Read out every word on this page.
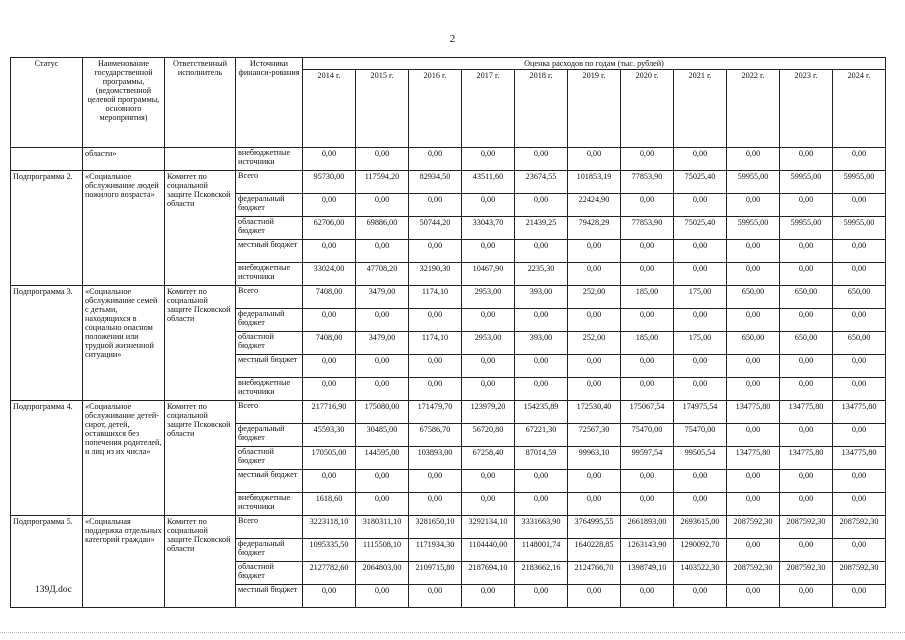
2
Статус	Наименование государственной программы, (ведомственной целевой программы, основного мероприятия)	Ответственный исполнитель	Источники финанси-рования	Оценка расходов по годам (тыс. рублей)										
				2014 г.	2015 г.	2016 г.	2017 г.	2018 г.	2019 г.	2020 г.	2021 г.	2022 г.	2023 г.	2024 г.
	области»		внебюджетные источники	0,00	0,00	0,00	0,00	0,00	0,00	0,00	0,00	0,00	0,00	0,00
Подпрограмма 2.	«Социальное обслуживание людей пожилого возраста»	Комитет по социальной защите Псковской области	Всего	95730,00	117594,20	82934,50	43511,60	23674,55	101853,19	77853,90	75025,40	59955,00	59955,00	59955,00
			федеральный бюджет	0,00	0,00	0,00	0,00	0,00	22424,90	0,00	0,00	0,00	0,00	0,00
			областной бюджет	62706,00	69886,00	50744,20	33043,70	21439,25	79428,29	77853,90	75025,40	59955,00	59955,00	59955,00
			местный бюджет	0,00	0,00	0,00	0,00	0,00	0,00	0,00	0,00	0,00	0,00	0,00
			внебюджетные источники	33024,00	47708,20	32190,30	10467,90	2235,30	0,00	0,00	0,00	0,00	0,00	0,00
Подпрограмма 3.	«Социальное обслуживание семей с детьми, находящихся в социально опасном положении или трудной жизненной ситуации»	Комитет по социальной защите Псковской области	Всего	7408,00	3479,00	1174,10	2953,00	393,00	252,00	185,00	175,00	650,00	650,00	650,00
			федеральный бюджет	0,00	0,00	0,00	0,00	0,00	0,00	0,00	0,00	0,00	0,00	0,00
			областной бюджет	7408,00	3479,00	1174,10	2953,00	393,00	252,00	185,00	175,00	650,00	650,00	650,00
			местный бюджет	0,00	0,00	0,00	0,00	0,00	0,00	0,00	0,00	0,00	0,00	0,00
			внебюджетные источники	0,00	0,00	0,00	0,00	0,00	0,00	0,00	0,00	0,00	0,00	0,00
Подпрограмма 4.	«Социальное обслуживание детей-сирот, детей, оставшихся без попечения родителей, и лиц из их числа»	Комитет по социальной защите Псковской области	Всего	217716,90	175080,00	171479,70	123979,20	154235,89	172530,40	175067,54	174975,54	134775,80	134775,80	134775,80
			федеральный бюджет	45593,30	30485,00	67586,70	56720,80	67221,30	72567,30	75470,00	75470,00	0,00	0,00	0,00
			областной бюджет	170505,00	144595,00	103893,00	67258,40	87014,59	99963,10	99597,54	99505,54	134775,80	134775,80	134775,80
			местный бюджет	0,00	0,00	0,00	0,00	0,00	0,00	0,00	0,00	0,00	0,00	0,00
			внебюджетные источники	1618,60	0,00	0,00	0,00	0,00	0,00	0,00	0,00	0,00	0,00	0,00
Подпрограмма 5.	«Социальная поддержка отдельных категорий граждан»	Комитет по социальной защите Псковской области	Всего	3223118,10	3180311,10	3281650,10	3292134,10	3331663,90	3764995,55	2661893,00	2693615,00	2087592,30	2087592,30	2087592,30
			федеральный бюджет	1095335,50	1115508,10	1171934,30	1104440,00	1148001,74	1640228,85	1263143,90	1290092,70	0,00	0,00	0,00
			областной бюджет	2127782,60	2064803,00	2109715,80	2187694,10	2183662,16	2124766,70	1398749,10	1403522,30	2087592,30	2087592,30	2087592,30
			местный бюджет	0,00	0,00	0,00	0,00	0,00	0,00	0,00	0,00	0,00	0,00	0,00
139Д.doc
